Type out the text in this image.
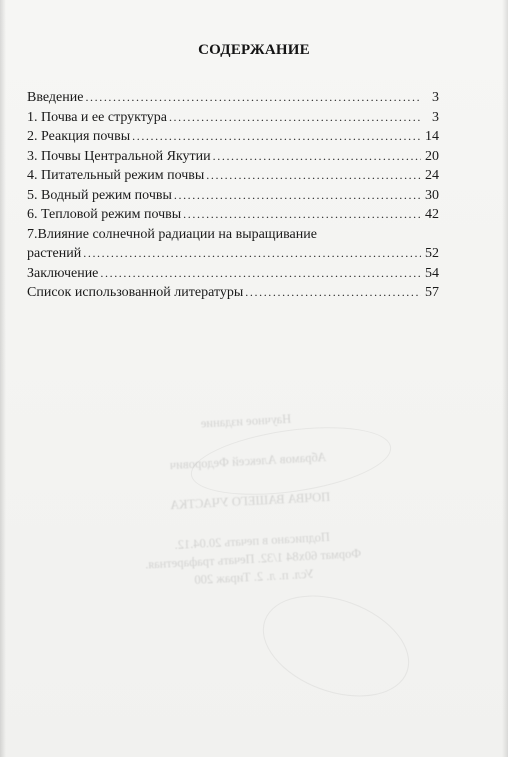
СОДЕРЖАНИЕ
Введение .....	3
1. Почва и ее структура .....	3
2. Реакция почвы .....	14
3. Почвы Центральной Якутии .....	20
4. Питательный режим почвы .....	24
5. Водный режим почвы .....	30
6. Тепловой режим почвы .....	42
7.Влияние солнечной радиации на выращивание
растений .....	52
Заключение .....	54
Список использованной литературы .....	57
Научное издание
Абрамов Алексей Федорович
ПОЧВА ВАШЕГО УЧАСТКА
Подписано в печать 20.04.12.
Формат 60х84 1/32. Печать трафаретная.
Усл. п. л. 2. Тираж 200
